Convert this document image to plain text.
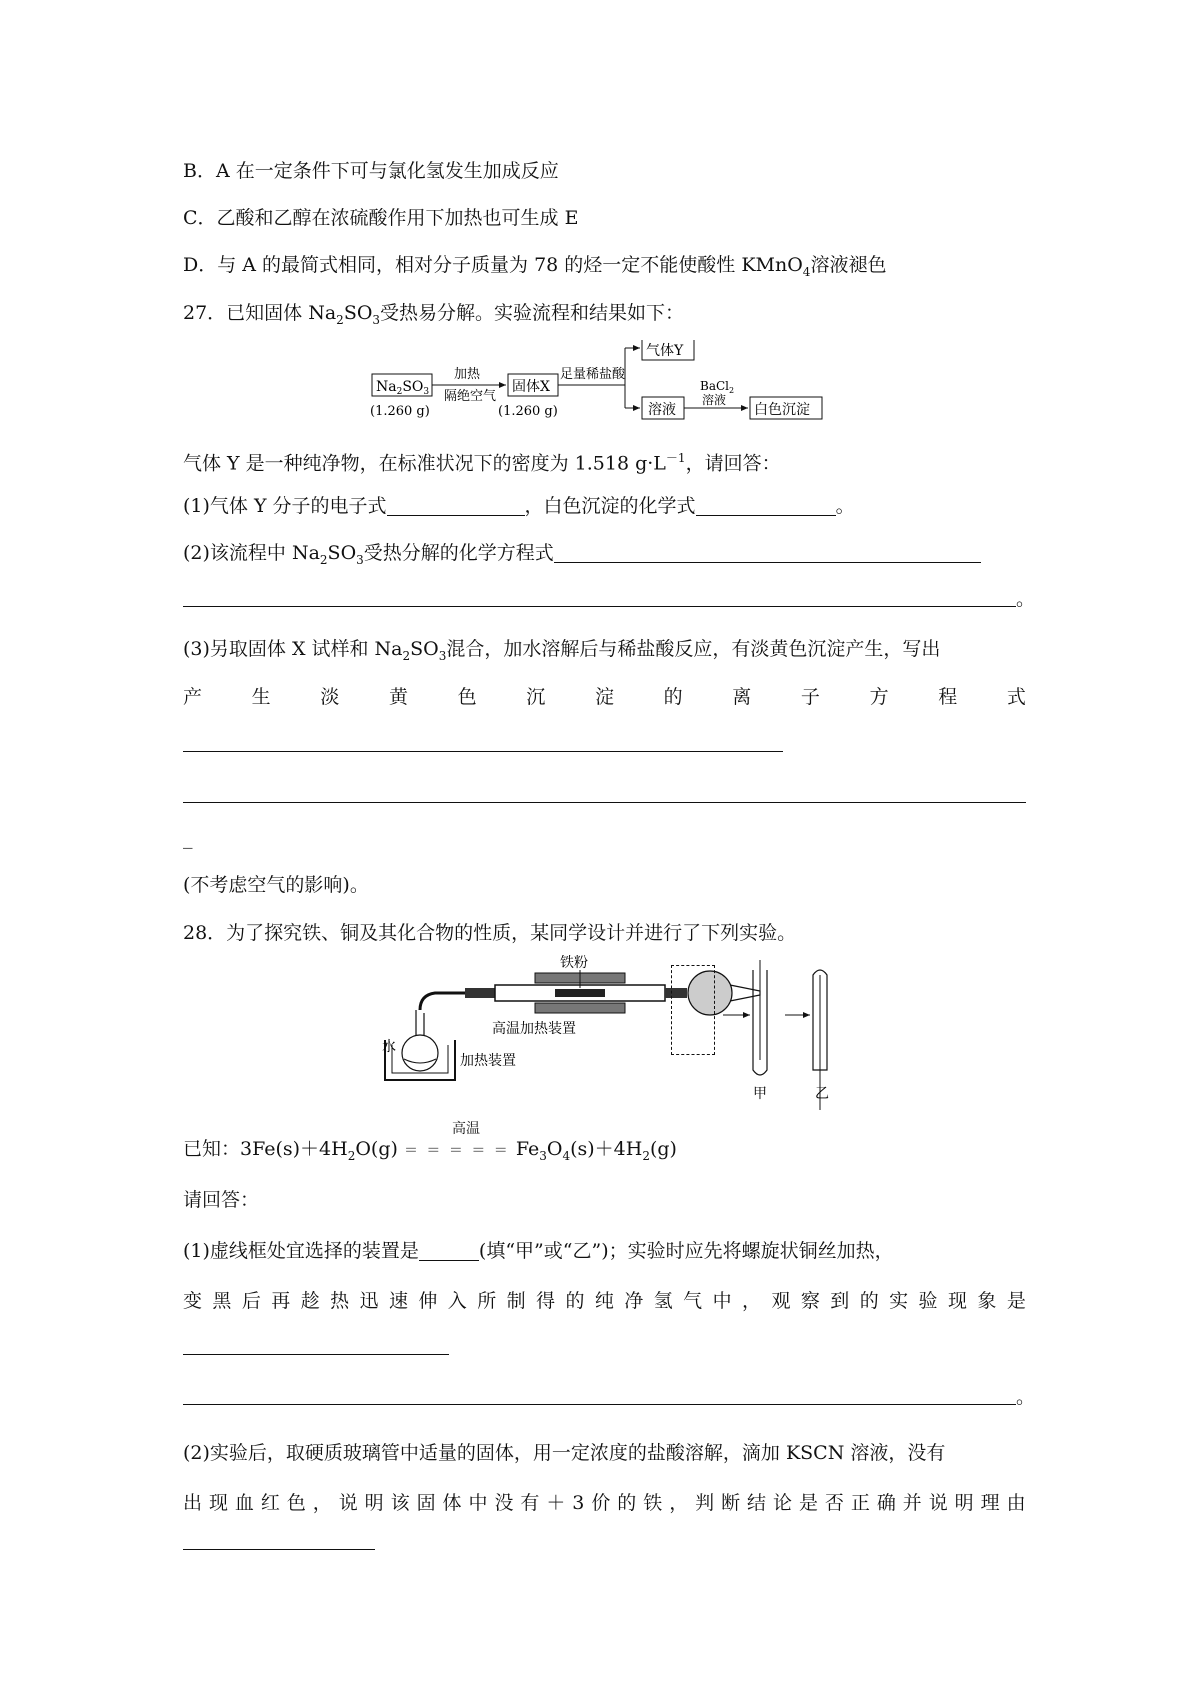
B．A 在一定条件下可与氯化氢发生加成反应
C．乙酸和乙醇在浓硫酸作用下加热也可生成 E
D．与 A 的最简式相同，相对分子质量为 78 的烃一定不能使酸性 KMnO$_4$溶液褪色
27．已知固体 $Na_2SO_3$受热易分解。实验流程和结果如下：
$Na_2SO_3$
(1.260 g)
加热
隔绝空气
固体X
(1.260 g)
足量稀盐酸
气体Y
溶液
BaCl$_2$
溶液
白色沉淀
气体 Y 是一种纯净物，在标准状况下的密度为 1.518 $g\cdot L^{-1}$，请回答：
(1)气体 Y 分子的电子式	，白色沉淀的化学式	。
(2)该流程中 $Na_2SO_3$受热分解的化学方程式
。
(3)另取固体 X 试样和 $Na_2SO_3$混合，加水溶解后与稀盐酸反应，有淡黄色沉淀产生，写出
产	生	淡	黄	色	沉	淀	的	离	子	方	程	式
_
(不考虑空气的影响)。
28．为了探究铁、铜及其化合物的性质，某同学设计并进行了下列实验。
铁粉
高温加热装置
水
加热装置
甲	乙
已知：$3Fe(s)+4H_2O(g)$
高温
＝ ＝ ＝ ＝ ＝ $Fe_3O_4(s)+4H_2(g)$
请回答：
(1)虚线框处宜选择的装置是	(填“甲”或“乙”)；实验时应先将螺旋状铜丝加热，
变 黑 后 再 趁 热 迅 速 伸 入 所 制 得 的 纯 净 氢 气 中 ， 观 察 到 的 实 验 现 象 是
。
(2)实验后，取硬质玻璃管中适量的固体，用一定浓度的盐酸溶解，滴加 KSCN 溶液，没有
出 现 血 红 色 ， 说 明 该 固 体 中 没 有 ＋ 3 价 的 铁 ， 判 断 结 论 是 否 正 确 并 说 明 理 由
